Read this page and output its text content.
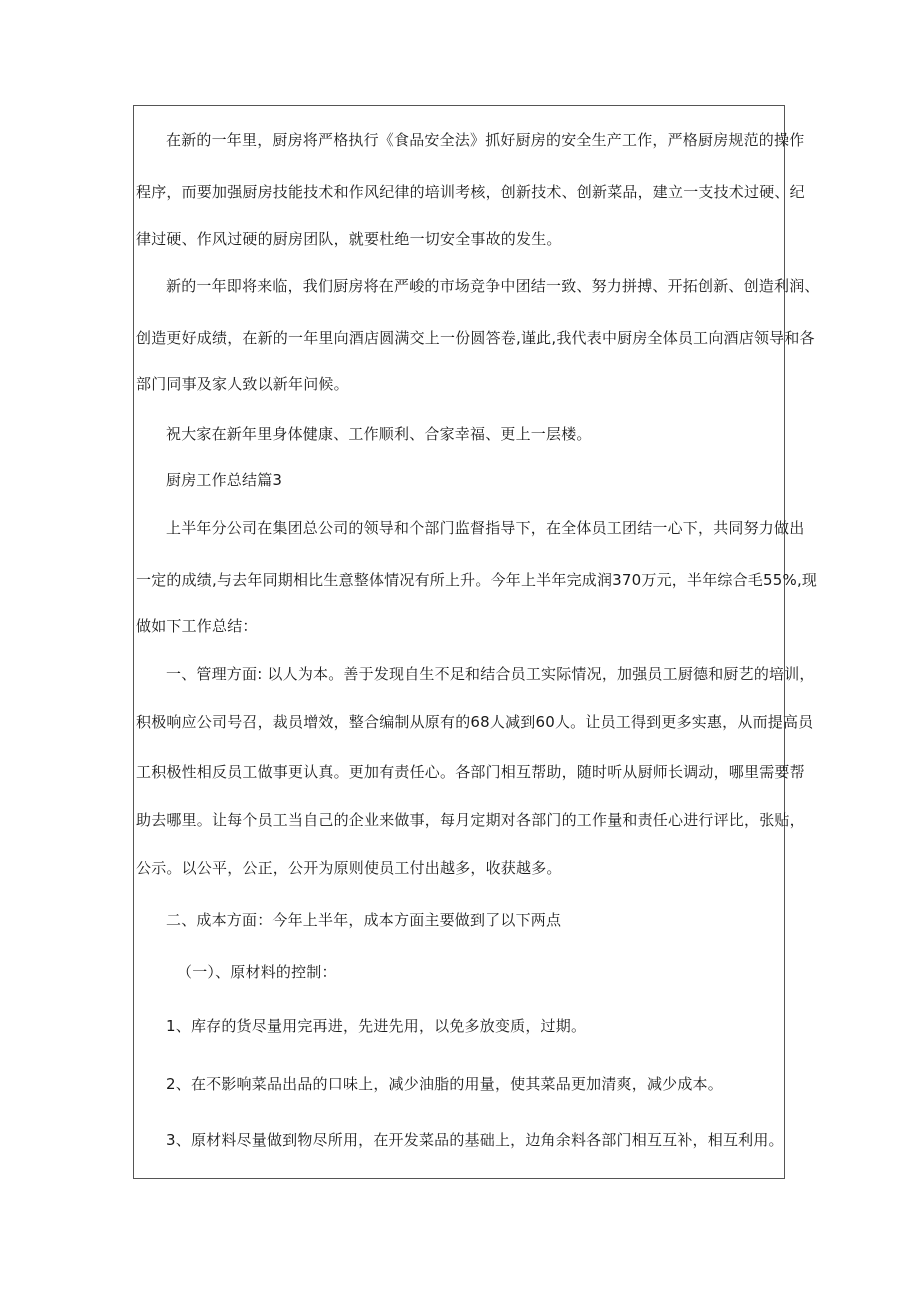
在新的一年里，厨房将严格执行《食品安全法》抓好厨房的安全生产工作，严格厨房规范的操作
程序，而要加强厨房技能技术和作风纪律的培训考核，创新技术、创新菜品，建立一支技术过硬、纪
律过硬、作风过硬的厨房团队，就要杜绝一切安全事故的发生。
新的一年即将来临，我们厨房将在严峻的市场竞争中团结一致、努力拼搏、开拓创新、创造利润、
创造更好成绩，在新的一年里向酒店圆满交上一份圆答卷,谨此,我代表中厨房全体员工向酒店领导和各
部门同事及家人致以新年问候。
祝大家在新年里身体健康、工作顺利、合家幸福、更上一层楼。
厨房工作总结篇3
上半年分公司在集团总公司的领导和个部门监督指导下，在全体员工团结一心下，共同努力做出
一定的成绩,与去年同期相比生意整体情况有所上升。今年上半年完成润370万元，半年综合毛55%,现
做如下工作总结：
一、管理方面: 以人为本。善于发现自生不足和结合员工实际情况，加强员工厨德和厨艺的培训，
积极响应公司号召，裁员增效，整合编制从原有的68人减到60人。让员工得到更多实惠，从而提高员
工积极性相反员工做事更认真。更加有责任心。各部门相互帮助，随时听从厨师长调动，哪里需要帮
助去哪里。让每个员工当自己的企业来做事，每月定期对各部门的工作量和责任心进行评比，张贴，
公示。以公平，公正，公开为原则使员工付出越多，收获越多。
二、成本方面：今年上半年，成本方面主要做到了以下两点
（一）、原材料的控制：
1、库存的货尽量用完再进，先进先用，以免多放变质，过期。
2、在不影响菜品出品的口味上，减少油脂的用量，使其菜品更加清爽，减少成本。
3、原材料尽量做到物尽所用，在开发菜品的基础上，边角余料各部门相互互补，相互利用。
